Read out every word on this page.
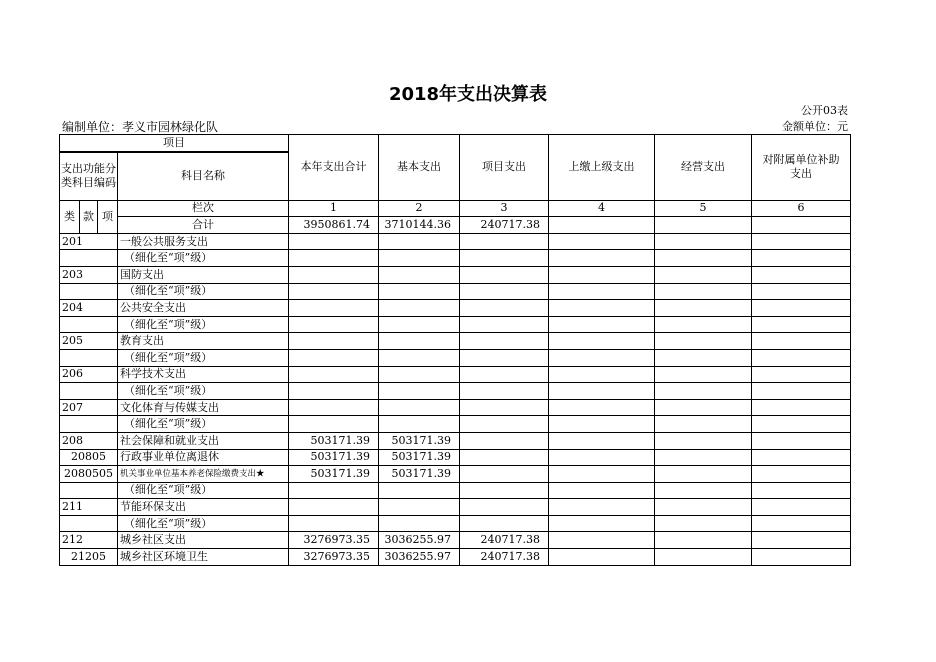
2018年支出决算表
公开03表
编制单位：孝义市园林绿化队	金额单位：元
项目				本年支出合计	基本支出	项目支出	上缴上级支出	经营支出	对附属单位补助支出
支出功能分类科目编码			科目名称						

类	款	项	栏次	1	2	3	4	5	6
			合计	3950861.74	3710144.36	240717.38			
201			一般公共服务支出						
			（细化至“项”级）						
203			国防支出						
			（细化至“项”级）						
204			公共安全支出						
			（细化至“项”级）						
205			教育支出						
			（细化至“项”级）						
206			科学技术支出						
			（细化至“项”级）						
207			文化体育与传媒支出						
			（细化至“项”级）						
208			社会保障和就业支出	503171.39	503171.39				
20805			行政事业单位离退休	503171.39	503171.39				
2080505			机关事业单位基本养老保险缴费支出★	503171.39	503171.39				
			（细化至“项”级）						
211			节能环保支出						
			（细化至“项”级）						
212			城乡社区支出	3276973.35	3036255.97	240717.38			
21205			城乡社区环境卫生	3276973.35	3036255.97	240717.38			
